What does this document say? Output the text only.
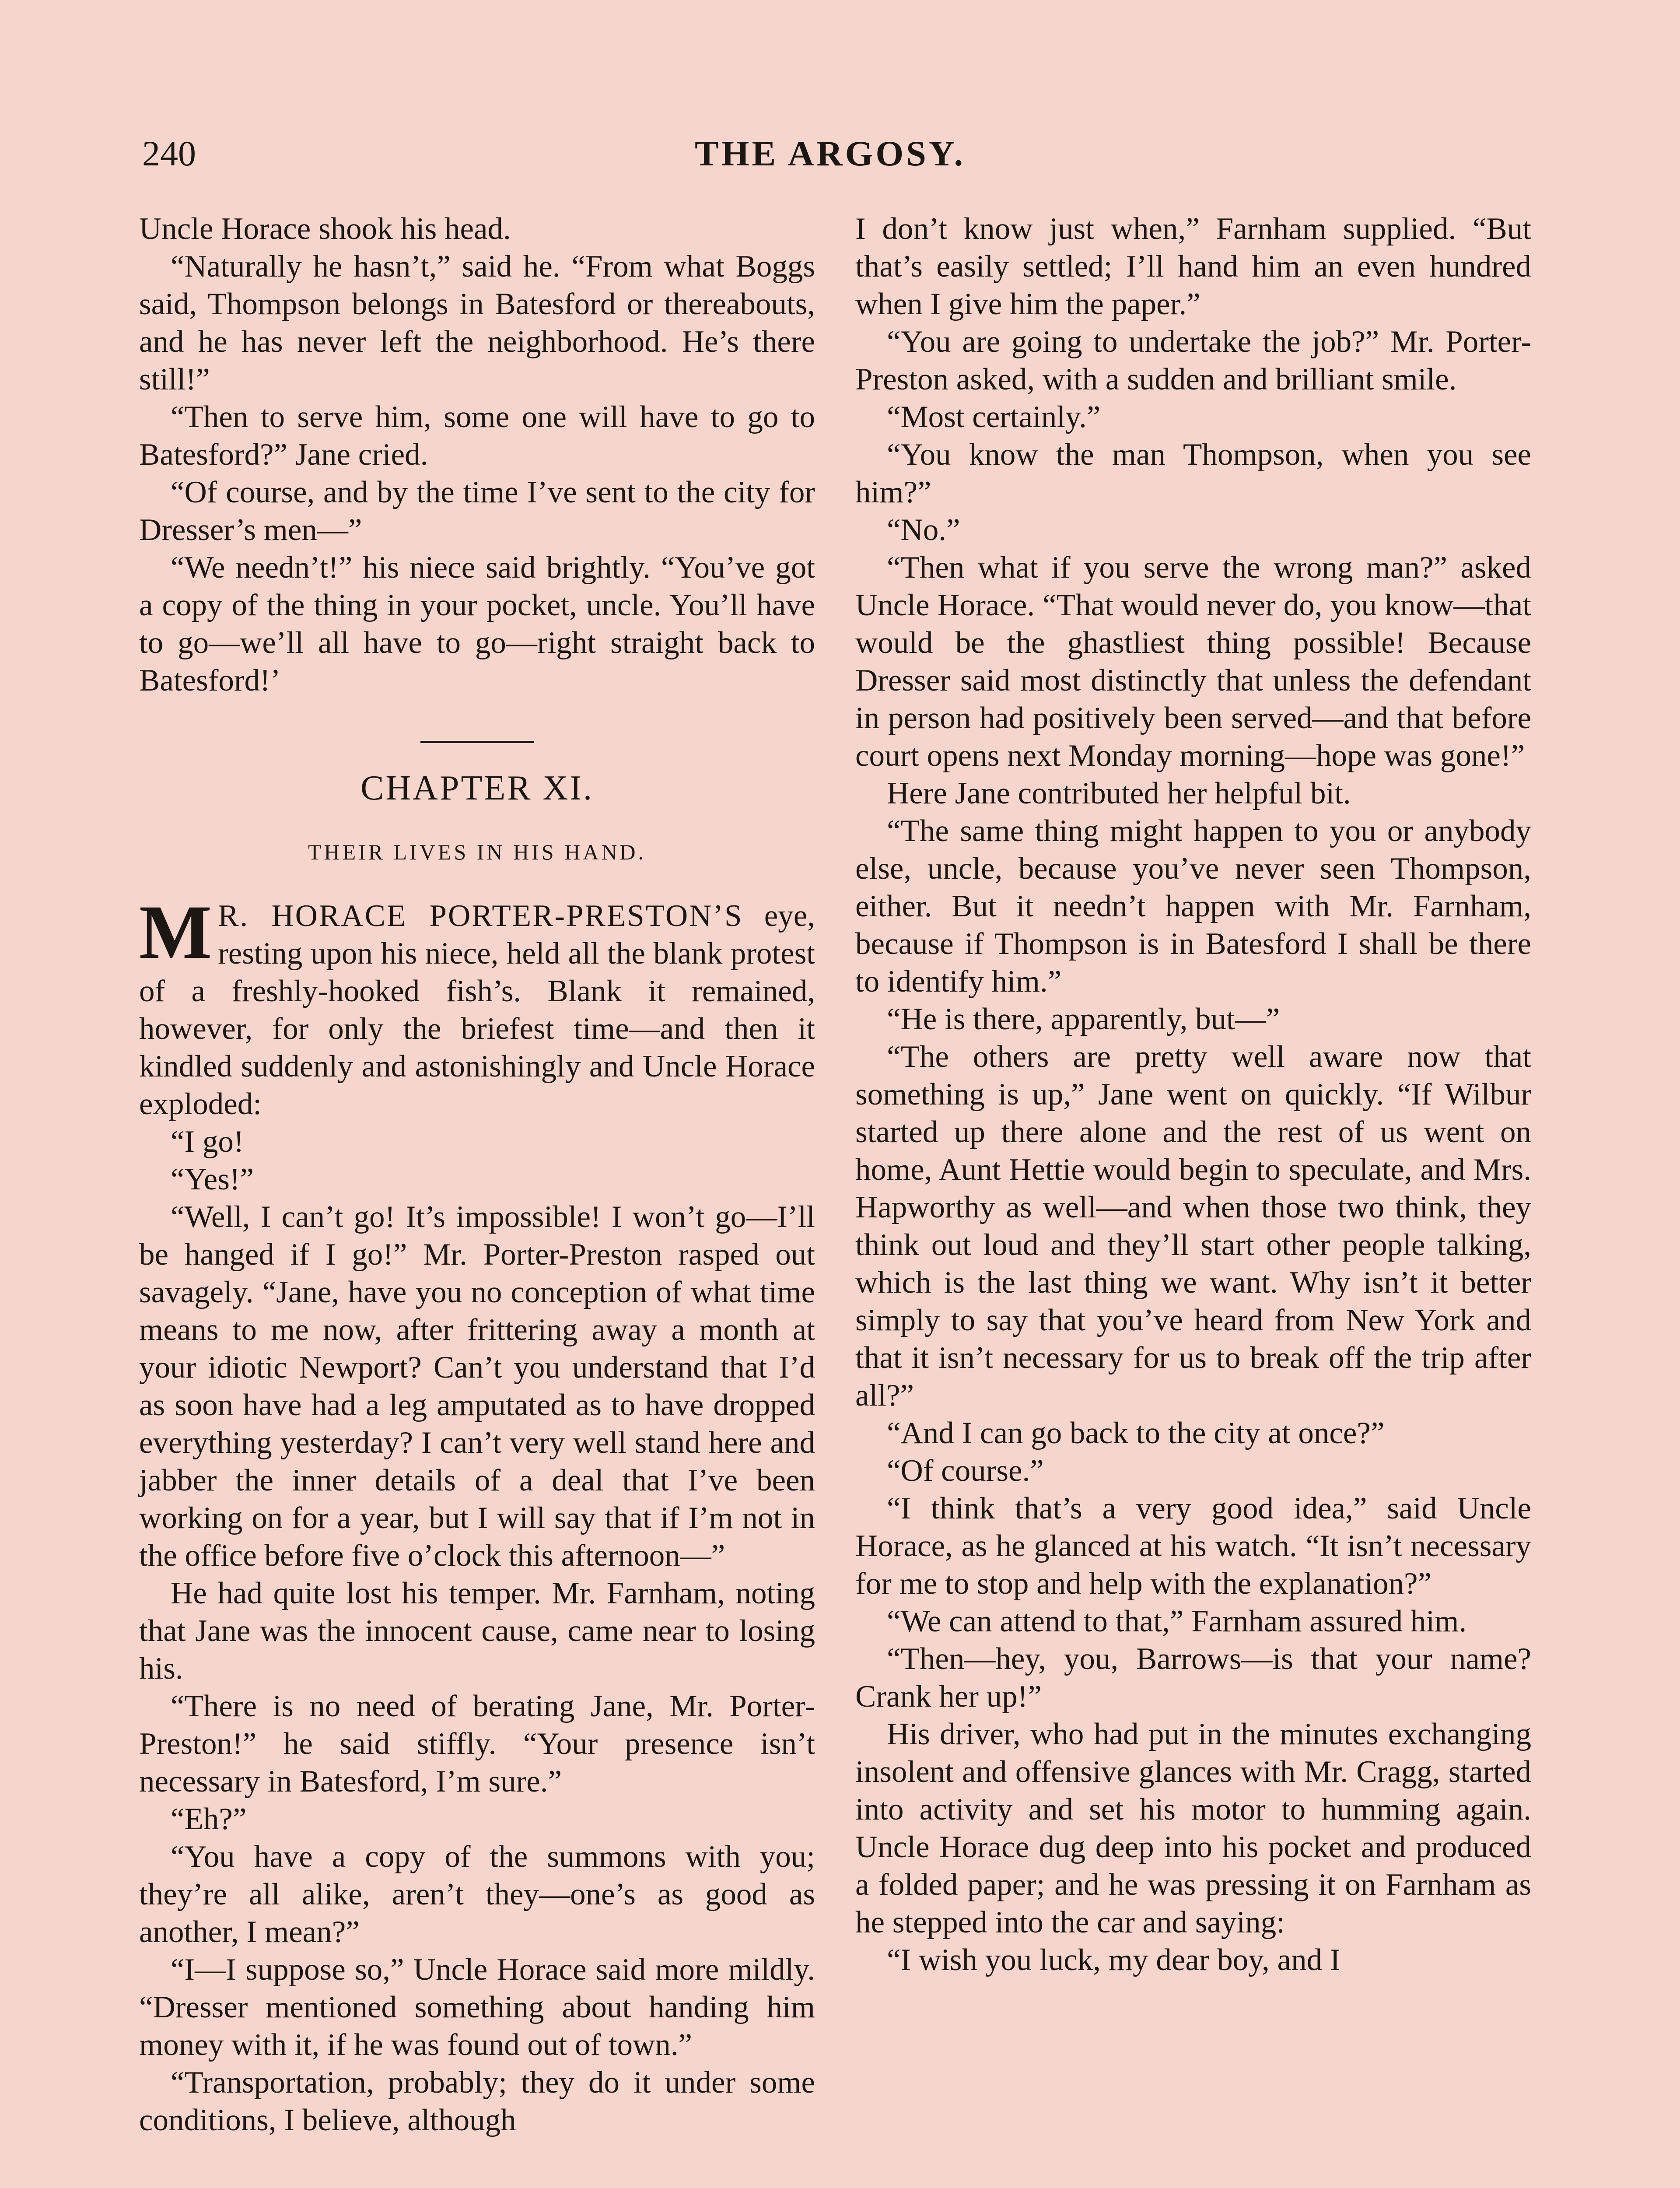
240	THE ARGOSY.

Uncle Horace shook his head.

“Naturally he hasn’t,” said he. “From what Boggs said, Thompson belongs in Batesford or thereabouts, and he has never left the neighborhood. He’s there still!”

“Then to serve him, some one will have to go to Batesford?” Jane cried.

“Of course, and by the time I’ve sent to the city for Dresser’s men—”

“We needn’t!” his niece said brightly. “You’ve got a copy of the thing in your pocket, uncle. You’ll have to go—we’ll all have to go—right straight back to Batesford!’

CHAPTER XI.
THEIR LIVES IN HIS HAND.

M R. HORACE PORTER-PRESTON’S eye, resting upon his niece, held all the blank protest of a freshly-hooked fish’s. Blank it remained, however, for only the briefest time—and then it kindled suddenly and astonishingly and Uncle Horace exploded:

“I go!

“Yes!”

“Well, I can’t go! It’s impossible! I won’t go—I’ll be hanged if I go!” Mr. Porter-Preston rasped out savagely. “Jane, have you no conception of what time means to me now, after frittering away a month at your idiotic Newport? Can’t you understand that I’d as soon have had a leg amputated as to have dropped everything yesterday? I can’t very well stand here and jabber the inner details of a deal that I’ve been working on for a year, but I will say that if I’m not in the office before five o’clock this afternoon—”

He had quite lost his temper. Mr. Farnham, noting that Jane was the innocent cause, came near to losing his.

“There is no need of berating Jane, Mr. Porter-Preston!” he said stiffly. “Your presence isn’t necessary in Batesford, I’m sure.”

“Eh?”

“You have a copy of the summons with you; they’re all alike, aren’t they—one’s as good as another, I mean?”

“I—I suppose so,” Uncle Horace said more mildly. “Dresser mentioned something about handing him money with it, if he was found out of town.”

“Transportation, probably; they do it under some conditions, I believe, although

I don’t know just when,” Farnham supplied. “But that’s easily settled; I’ll hand him an even hundred when I give him the paper.”

“You are going to undertake the job?” Mr. Porter-Preston asked, with a sudden and brilliant smile.

“Most certainly.”

“You know the man Thompson, when you see him?”

“No.”

“Then what if you serve the wrong man?” asked Uncle Horace. “That would never do, you know—that would be the ghastliest thing possible! Because Dresser said most distinctly that unless the defendant in person had positively been served—and that before court opens next Monday morning—hope was gone!”

Here Jane contributed her helpful bit.

“The same thing might happen to you or anybody else, uncle, because you’ve never seen Thompson, either. But it needn’t happen with Mr. Farnham, because if Thompson is in Batesford I shall be there to identify him.”

“He is there, apparently, but—”

“The others are pretty well aware now that something is up,” Jane went on quickly. “If Wilbur started up there alone and the rest of us went on home, Aunt Hettie would begin to speculate, and Mrs. Hapworthy as well—and when those two think, they think out loud and they’ll start other people talking, which is the last thing we want. Why isn’t it better simply to say that you’ve heard from New York and that it isn’t necessary for us to break off the trip after all?”

“And I can go back to the city at once?”

“Of course.”

“I think that’s a very good idea,” said Uncle Horace, as he glanced at his watch. “It isn’t necessary for me to stop and help with the explanation?”

“We can attend to that,” Farnham assured him.

“Then—hey, you, Barrows—is that your name? Crank her up!”

His driver, who had put in the minutes exchanging insolent and offensive glances with Mr. Cragg, started into activity and set his motor to humming again. Uncle Horace dug deep into his pocket and produced a folded paper; and he was pressing it on Farnham as he stepped into the car and saying:

“I wish you luck, my dear boy, and I
